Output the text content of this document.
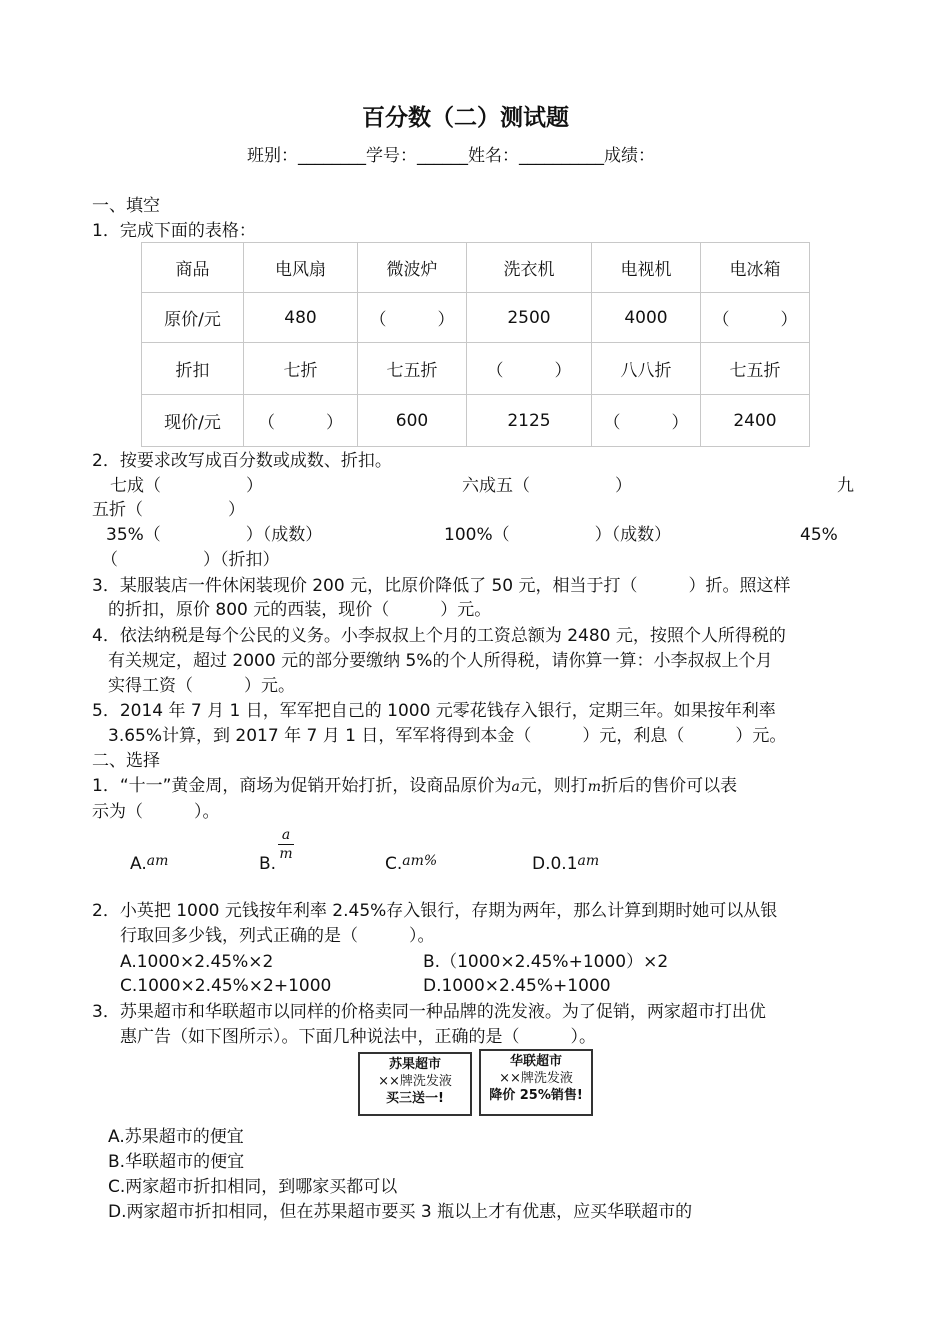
百分数（二）测试题
班别：________学号：______姓名：__________成绩：
一、填空
1．完成下面的表格：
商品	电风扇	微波炉	洗衣机	电视机	电冰箱
原价/元	480	（　　　）	2500	4000	（　　　）
折扣	七折	七五折	（　　　）	八八折	七五折
现价/元	（　　　）	600	2125	（　　　）	2400
2．按要求改写成百分数或成数、折扣。
七成（　　　　　）	六成五（　　　　　）	九
五折（　　　　　）
35%（　　　　　）（成数）	100%（　　　　　）（成数）	45%
（　　　　　）（折扣）
3．某服装店一件休闲装现价 200 元，比原价降低了 50 元，相当于打（　　　）折。照这样
的折扣，原价 800 元的西装，现价（　　　）元。
4．依法纳税是每个公民的义务。小李叔叔上个月的工资总额为 2480 元，按照个人所得税的
有关规定，超过 2000 元的部分要缴纳 5%的个人所得税，请你算一算：小李叔叔上个月
实得工资（　　　）元。
5．2014 年 7 月 1 日，军军把自己的 1000 元零花钱存入银行，定期三年。如果按年利率
3.65%计算，到 2017 年 7 月 1 日，军军将得到本金（　　　）元，利息（　　　）元。
二、选择
1．“十一”黄金周，商场为促销开始打折，设商品原价为a元，则打m折后的售价可以表
示为（　　　）。
A.$^{am}$	B.
a
m	C.$^{am\%}$	$D.0.1^{am}$
2．小英把 1000 元钱按年利率 2.45%存入银行，存期为两年，那么计算到期时她可以从银
行取回多少钱，列式正确的是（　　　）。
A.1000×2.45%×2	B.（1000×2.45%+1000）×2
C.1000×2.45%×2+1000	D.1000×2.45%+1000
3．苏果超市和华联超市以同样的价格卖同一种品牌的洗发液。为了促销，两家超市打出优
惠广告（如下图所示）。下面几种说法中，正确的是（　　　）。
苏果超市
××牌洗发液
买三送一!
华联超市
××牌洗发液
降价 25%销售!
A.苏果超市的便宜
B.华联超市的便宜
C.两家超市折扣相同，到哪家买都可以
D.两家超市折扣相同，但在苏果超市要买 3 瓶以上才有优惠，应买华联超市的
